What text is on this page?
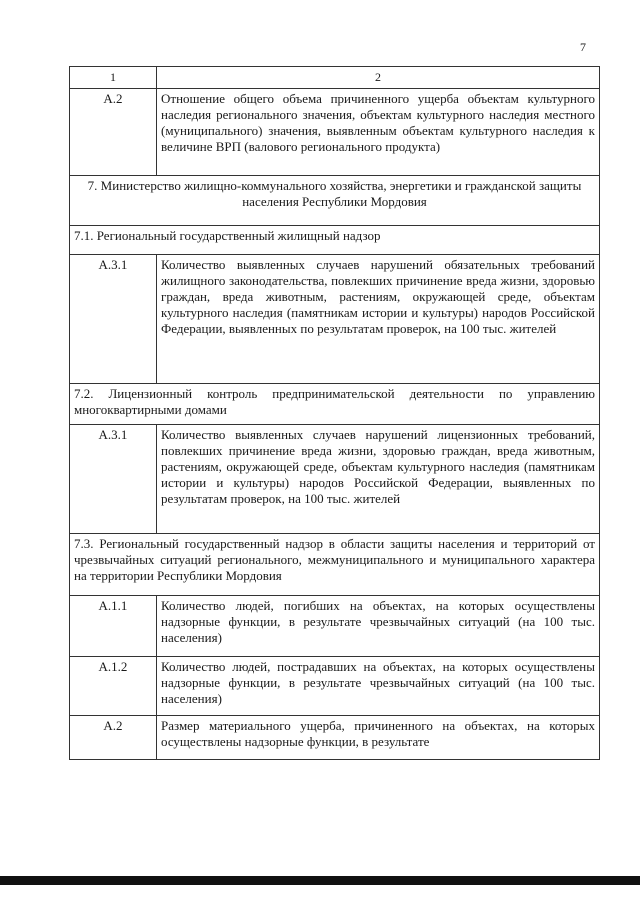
7
1	2
А.2	Отношение общего объема причиненного ущерба объектам культурного наследия регионального значения, объектам культурного наследия местного (муниципального) значения, выявленным объектам культурного наследия к величине ВРП (валового регионального продукта)
7. Министерство жилищно-коммунального хозяйства, энергетики и гражданской защиты населения Республики Мордовия	
7.1. Региональный государственный жилищный надзор	
А.3.1	Количество выявленных случаев нарушений обязательных требований жилищного законодательства, повлекших причинение вреда жизни, здоровью граждан, вреда животным, растениям, окружающей среде, объектам культурного наследия (памятникам истории и культуры) народов Российской Федерации, выявленных по результатам проверок, на 100 тыс. жителей
7.2. Лицензионный контроль предпринимательской деятельности по управлению многоквартирными домами	
А.3.1	Количество выявленных случаев нарушений лицензионных требований, повлекших причинение вреда жизни, здоровью граждан, вреда животным, растениям, окружающей среде, объектам культурного наследия (памятникам истории и культуры) народов Российской Федерации, выявленных по результатам проверок, на 100 тыс. жителей
7.3. Региональный государственный надзор в области защиты населения и территорий от чрезвычайных ситуаций регионального, межмуниципального и муниципального характера на территории Республики Мордовия	
А.1.1	Количество людей, погибших на объектах, на которых осуществлены надзорные функции, в результате чрезвычайных ситуаций (на 100 тыс. населения)
А.1.2	Количество людей, пострадавших на объектах, на которых осуществлены надзорные функции, в результате чрезвычайных ситуаций (на 100 тыс. населения)
А.2	Размер материального ущерба, причиненного на объектах, на которых осуществлены надзорные функции, в результате
